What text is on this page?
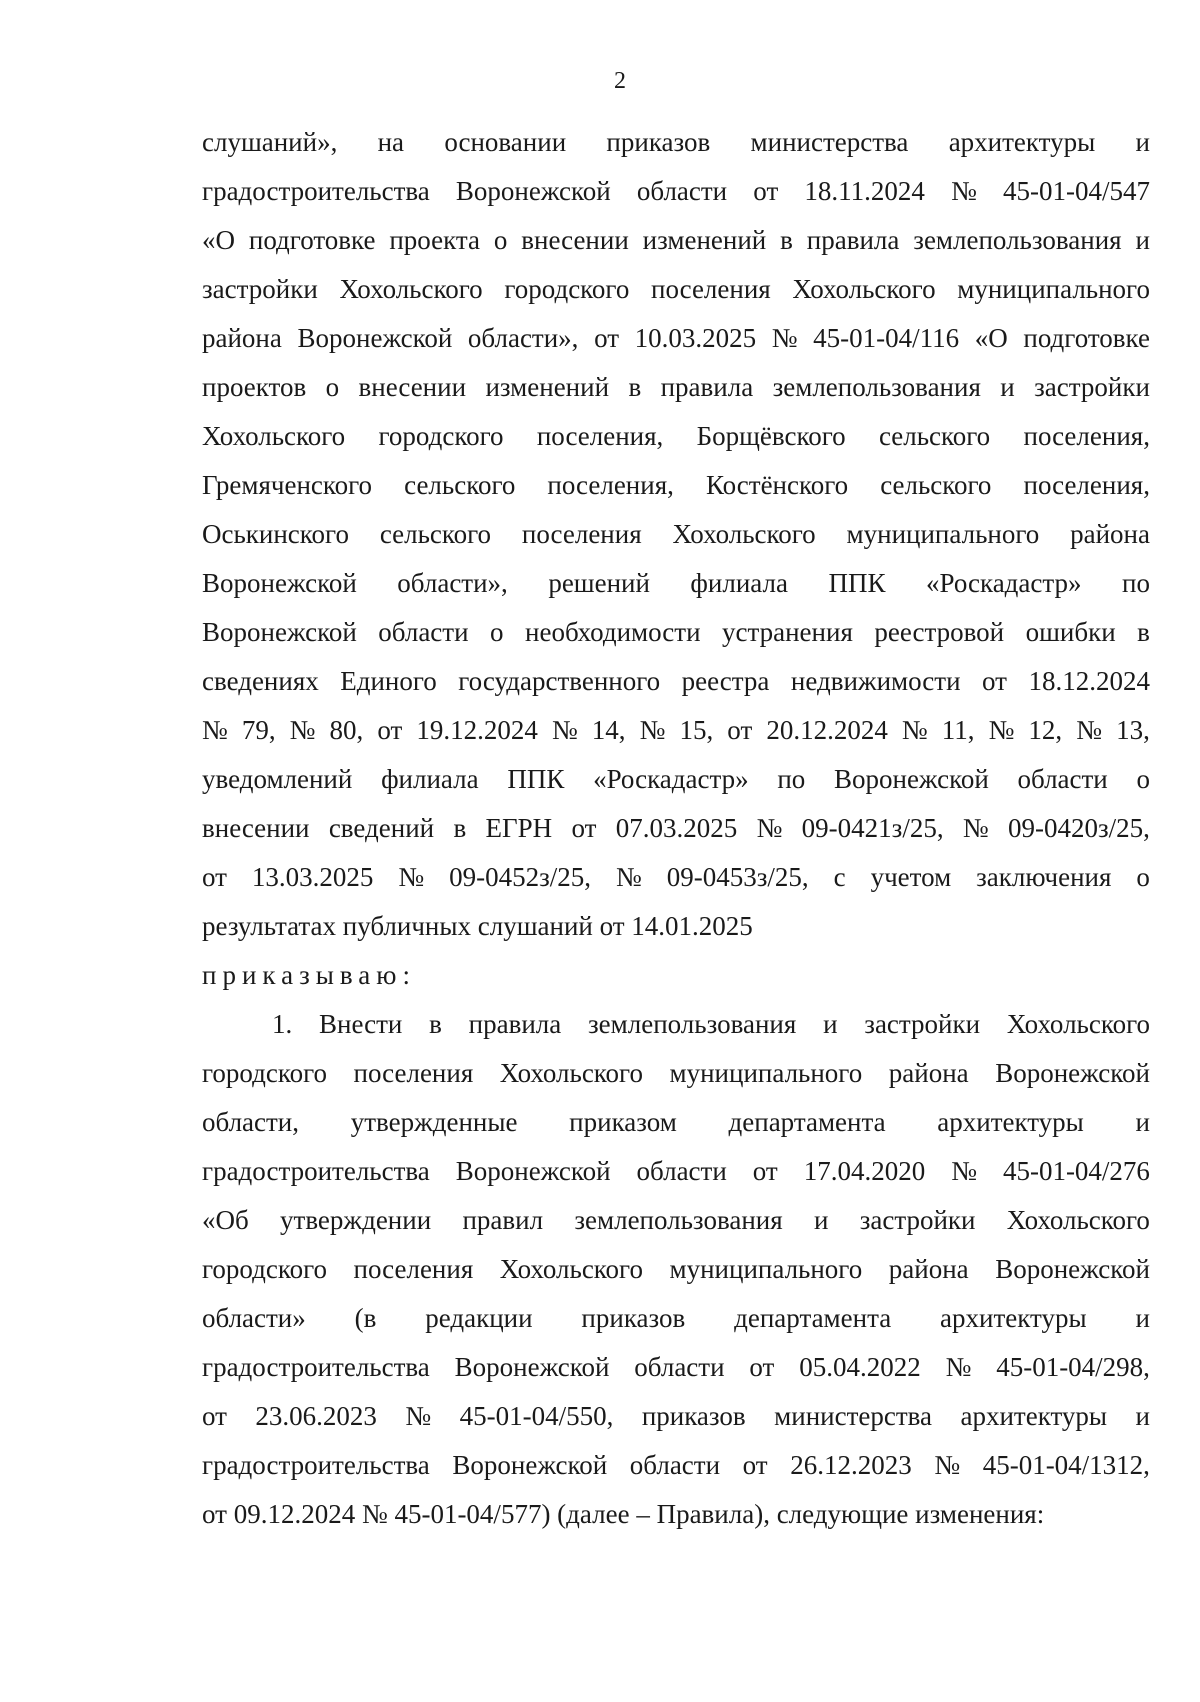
2
слушаний», на основании приказов министерства архитектуры и
градостроительства Воронежской области от 18.11.2024 № 45-01-04/547
«О подготовке проекта о внесении изменений в правила землепользования и
застройки Хохольского городского поселения Хохольского муниципального
района Воронежской области», от 10.03.2025 № 45-01-04/116 «О подготовке
проектов о внесении изменений в правила землепользования и застройки
Хохольского городского поселения, Борщёвского сельского поселения,
Гремяченского сельского поселения, Костёнского сельского поселения,
Оськинского сельского поселения Хохольского муниципального района
Воронежской области», решений филиала ППК «Роскадастр» по
Воронежской области о необходимости устранения реестровой ошибки в
сведениях Единого государственного реестра недвижимости от 18.12.2024
№ 79, № 80, от 19.12.2024 № 14, № 15, от 20.12.2024 № 11, № 12, № 13,
уведомлений филиала ППК «Роскадастр» по Воронежской области о
внесении сведений в ЕГРН от 07.03.2025 № 09-0421з/25, № 09-0420з/25,
от 13.03.2025 № 09-0452з/25, № 09-0453з/25, с учетом заключения о
результатах публичных слушаний от 14.01.2025
приказываю:
1. Внести в правила землепользования и застройки Хохольского
городского поселения Хохольского муниципального района Воронежской
области, утвержденные приказом департамента архитектуры и
градостроительства Воронежской области от 17.04.2020 № 45-01-04/276
«Об утверждении правил землепользования и застройки Хохольского
городского поселения Хохольского муниципального района Воронежской
области» (в редакции приказов департамента архитектуры и
градостроительства Воронежской области от 05.04.2022 № 45-01-04/298,
от 23.06.2023 № 45-01-04/550, приказов министерства архитектуры и
градостроительства Воронежской области от 26.12.2023 № 45-01-04/1312,
от 09.12.2024 № 45-01-04/577) (далее – Правила), следующие изменения:
